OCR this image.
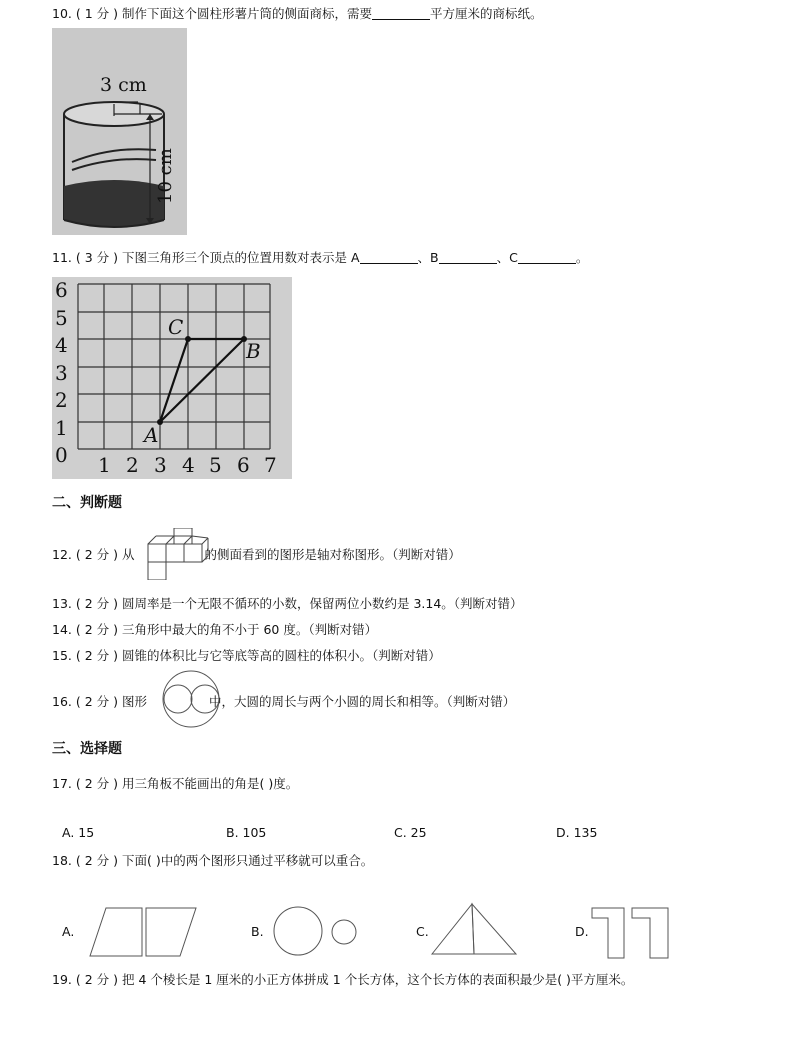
10. ( 1 分 ) 制作下面这个圆柱形薯片筒的侧面商标，需要	平方厘米的商标纸。
3 cm
10 cm
11. ( 3 分 ) 下图三角形三个顶点的位置用数对表示是 A	、B	、C	。
6
5
4
3
2
1
0 1 2 3 4 5 6 7
A
C
B
二、判断题
12. ( 2 分 ) 从	的侧面看到的图形是轴对称图形。（判断对错）
13. ( 2 分 ) 圆周率是一个无限不循环的小数，保留两位小数约是 3.14。（判断对错）
14. ( 2 分 ) 三角形中最大的角不小于 60 度。（判断对错）
15. ( 2 分 ) 圆锥的体积比与它等底等高的圆柱的体积小。（判断对错）
16. ( 2 分 ) 图形	中，大圆的周长与两个小圆的周长和相等。（判断对错）
三、选择题
17. ( 2 分 ) 用三角板不能画出的角是( )度。
A. 15	B. 105	C. 25	D. 135
18. ( 2 分 ) 下面( )中的两个图形只通过平移就可以重合。
A.	B.	C.	D.
19. ( 2 分 ) 把 4 个棱长是 1 厘米的小正方体拼成 1 个长方体，这个长方体的表面积最少是( )平方厘米。
